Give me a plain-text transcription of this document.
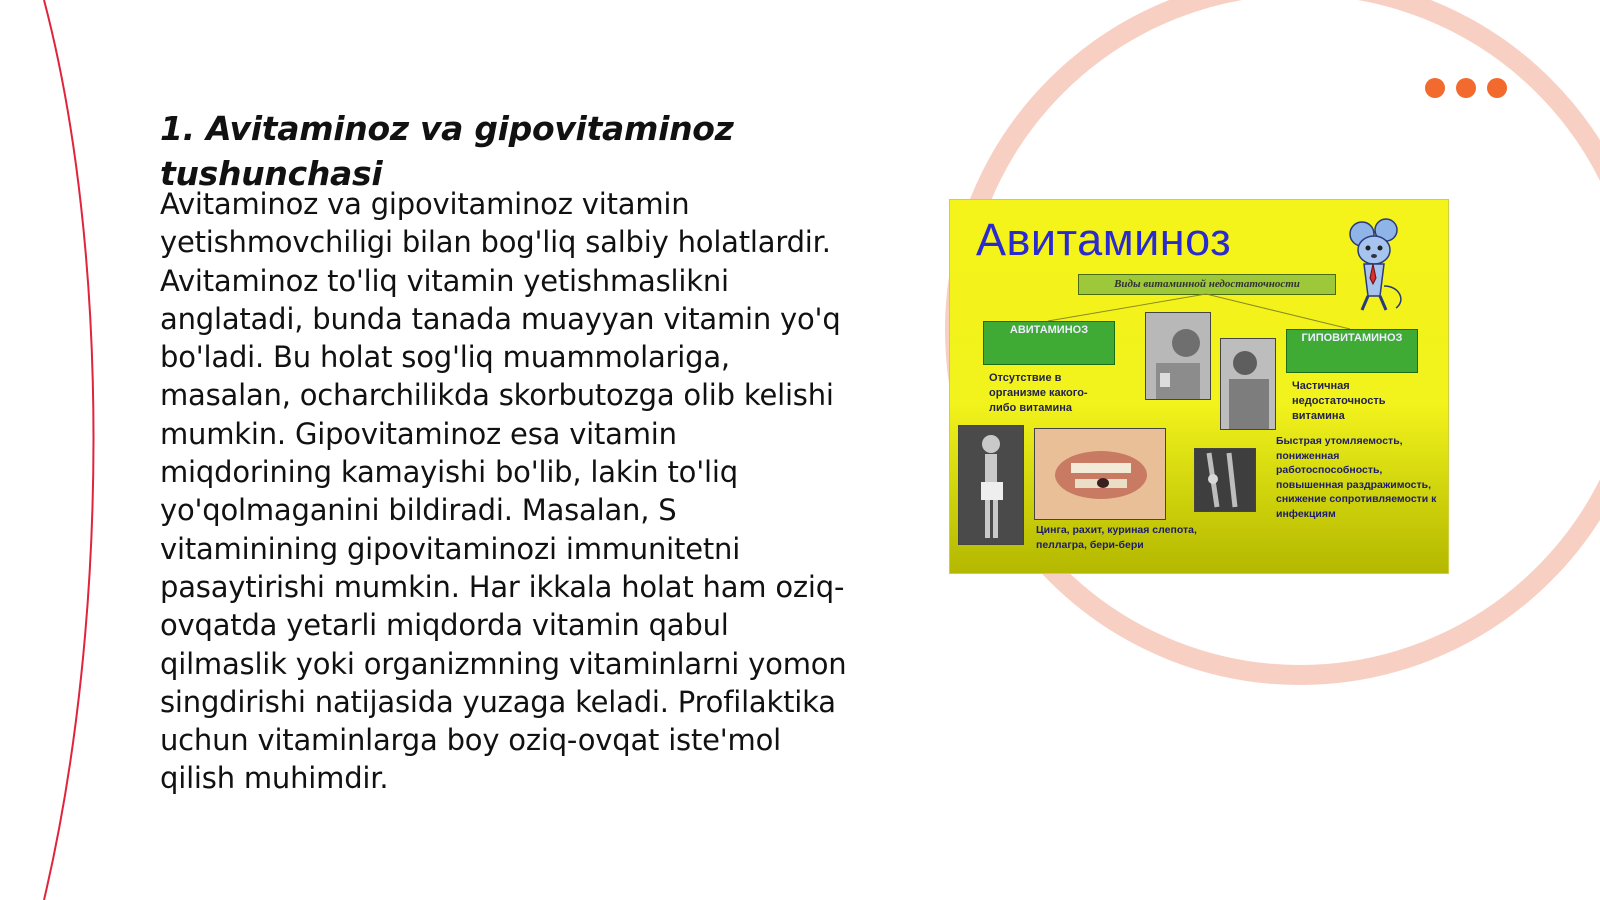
1. Avitaminoz va gipovitaminoz tushunchasi

Avitaminoz va gipovitaminoz vitamin yetishmovchiligi bilan bog'liq salbiy holatlardir. Avitaminoz to'liq vitamin yetishmaslikni anglatadi, bunda tanada muayyan vitamin yo'q bo'ladi. Bu holat sog'liq muammolariga, masalan, ocharchilikda skorbutozga olib kelishi mumkin. Gipovitaminoz esa vitamin miqdorining kamayishi bo'lib, lakin to'liq yo'qolmaganini bildiradi. Masalan, S vitaminining gipovitaminozi immunitetni pasaytirishi mumkin. Har ikkala holat ham oziq-ovqatda yetarli miqdorda vitamin qabul qilmaslik yoki organizmning vitaminlarni yomon singdirishi natijasida yuzaga keladi. Profilaktika uchun vitaminlarga boy oziq-ovqat iste'mol qilish muhimdir.

Авитаминоз
Виды витаминной недостаточности
АВИТАМИНОЗ
ГИПОВИТАМИНОЗ
Отсутствие в организме какого-либо витамина
Частичная недостаточность витамина
Быстрая утомляемость, пониженная работоспособность, повышенная раздражимость, снижение сопротивляемости к инфекциям
Цинга, рахит, куриная слепота, пеллагра, бери-бери
